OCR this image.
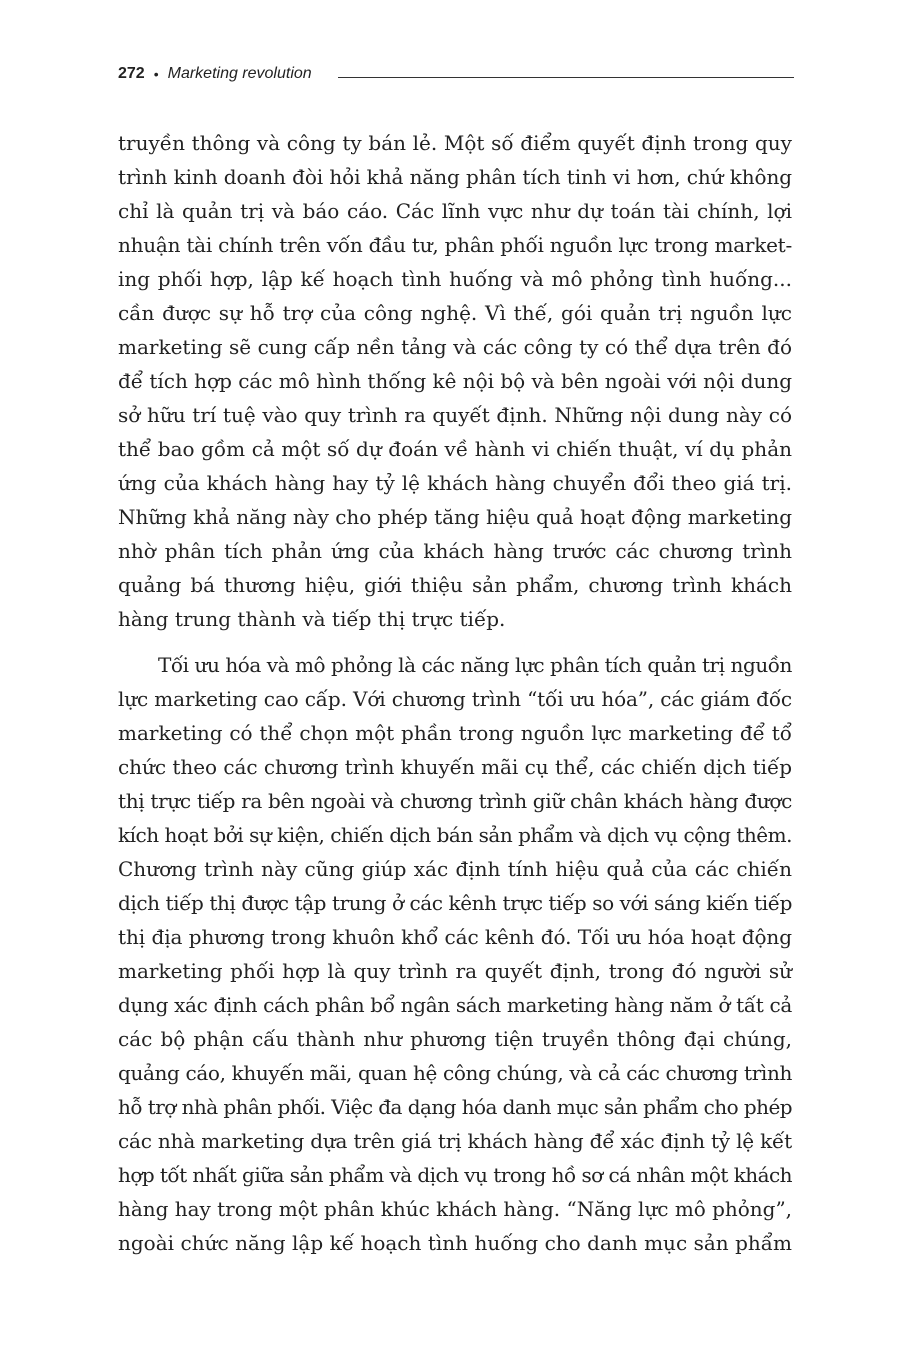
272 • Marketing revolution

truyền thông và công ty bán lẻ. Một số điểm quyết định trong quy
trình kinh doanh đòi hỏi khả năng phân tích tinh vi hơn, chứ không
chỉ là quản trị và báo cáo. Các lĩnh vực như dự toán tài chính, lợi
nhuận tài chính trên vốn đầu tư, phân phối nguồn lực trong market-
ing phối hợp, lập kế hoạch tình huống và mô phỏng tình huống...
cần được sự hỗ trợ của công nghệ. Vì thế, gói quản trị nguồn lực
marketing sẽ cung cấp nền tảng và các công ty có thể dựa trên đó
để tích hợp các mô hình thống kê nội bộ và bên ngoài với nội dung
sở hữu trí tuệ vào quy trình ra quyết định. Những nội dung này có
thể bao gồm cả một số dự đoán về hành vi chiến thuật, ví dụ phản
ứng của khách hàng hay tỷ lệ khách hàng chuyển đổi theo giá trị.
Những khả năng này cho phép tăng hiệu quả hoạt động marketing
nhờ phân tích phản ứng của khách hàng trước các chương trình
quảng bá thương hiệu, giới thiệu sản phẩm, chương trình khách
hàng trung thành và tiếp thị trực tiếp.

Tối ưu hóa và mô phỏng là các năng lực phân tích quản trị nguồn
lực marketing cao cấp. Với chương trình “tối ưu hóa”, các giám đốc
marketing có thể chọn một phần trong nguồn lực marketing để tổ
chức theo các chương trình khuyến mãi cụ thể, các chiến dịch tiếp
thị trực tiếp ra bên ngoài và chương trình giữ chân khách hàng được
kích hoạt bởi sự kiện, chiến dịch bán sản phẩm và dịch vụ cộng thêm.
Chương trình này cũng giúp xác định tính hiệu quả của các chiến
dịch tiếp thị được tập trung ở các kênh trực tiếp so với sáng kiến tiếp
thị địa phương trong khuôn khổ các kênh đó. Tối ưu hóa hoạt động
marketing phối hợp là quy trình ra quyết định, trong đó người sử
dụng xác định cách phân bổ ngân sách marketing hàng năm ở tất cả
các bộ phận cấu thành như phương tiện truyền thông đại chúng,
quảng cáo, khuyến mãi, quan hệ công chúng, và cả các chương trình
hỗ trợ nhà phân phối. Việc đa dạng hóa danh mục sản phẩm cho phép
các nhà marketing dựa trên giá trị khách hàng để xác định tỷ lệ kết
hợp tốt nhất giữa sản phẩm và dịch vụ trong hồ sơ cá nhân một khách
hàng hay trong một phân khúc khách hàng. “Năng lực mô phỏng”,
ngoài chức năng lập kế hoạch tình huống cho danh mục sản phẩm
